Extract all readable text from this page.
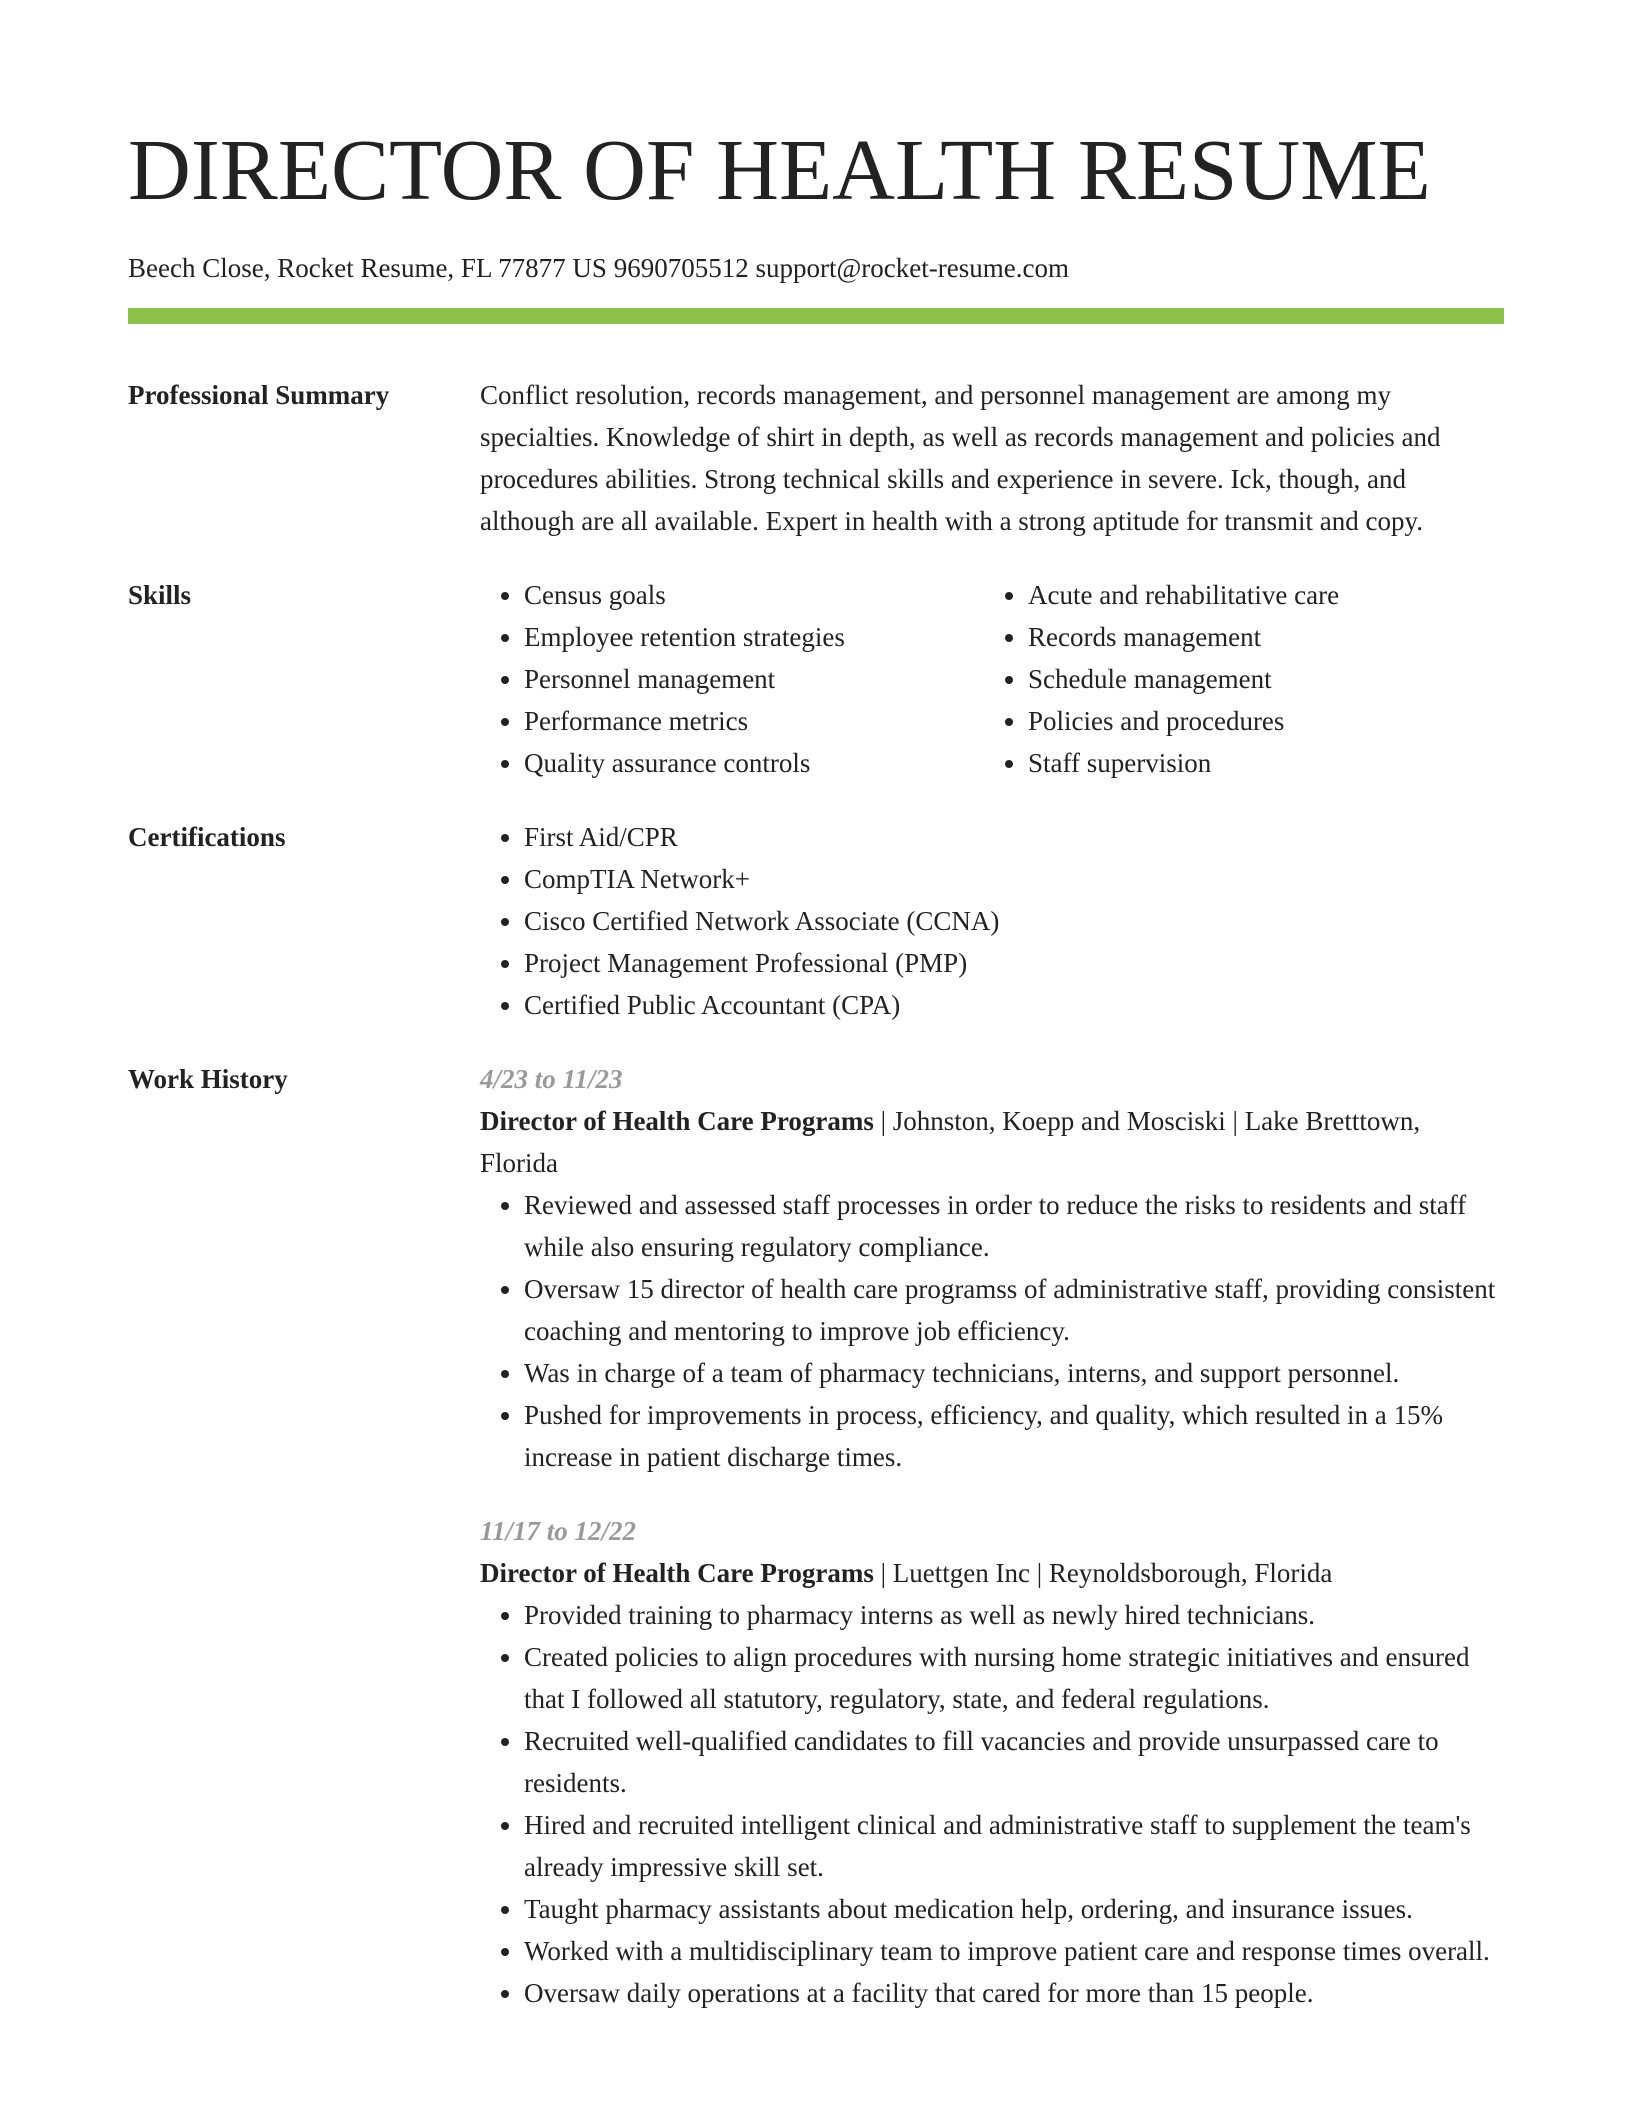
DIRECTOR OF HEALTH RESUME
Beech Close, Rocket Resume, FL 77877 US 9690705512 support@rocket-resume.com
Professional Summary	Conflict resolution, records management, and personnel management are among my specialties. Knowledge of shirt in depth, as well as records management and policies and procedures abilities. Strong technical skills and experience in severe. Ick, though, and although are all available. Expert in health with a strong aptitude for transmit and copy.
Skills	• Census goals
• Employee retention strategies
• Personnel management
• Performance metrics
• Quality assurance controls
• Acute and rehabilitative care
• Records management
• Schedule management
• Policies and procedures
• Staff supervision
Certifications	• First Aid/CPR
• CompTIA Network+
• Cisco Certified Network Associate (CCNA)
• Project Management Professional (PMP)
• Certified Public Accountant (CPA)
Work History	4/23 to 11/23
Director of Health Care Programs | Johnston, Koepp and Mosciski | Lake Bretttown, Florida
• Reviewed and assessed staff processes in order to reduce the risks to residents and staff while also ensuring regulatory compliance.
• Oversaw 15 director of health care programss of administrative staff, providing consistent coaching and mentoring to improve job efficiency.
• Was in charge of a team of pharmacy technicians, interns, and support personnel.
• Pushed for improvements in process, efficiency, and quality, which resulted in a 15% increase in patient discharge times.
11/17 to 12/22
Director of Health Care Programs | Luettgen Inc | Reynoldsborough, Florida
• Provided training to pharmacy interns as well as newly hired technicians.
• Created policies to align procedures with nursing home strategic initiatives and ensured that I followed all statutory, regulatory, state, and federal regulations.
• Recruited well-qualified candidates to fill vacancies and provide unsurpassed care to residents.
• Hired and recruited intelligent clinical and administrative staff to supplement the team's already impressive skill set.
• Taught pharmacy assistants about medication help, ordering, and insurance issues.
• Worked with a multidisciplinary team to improve patient care and response times overall.
• Oversaw daily operations at a facility that cared for more than 15 people.
